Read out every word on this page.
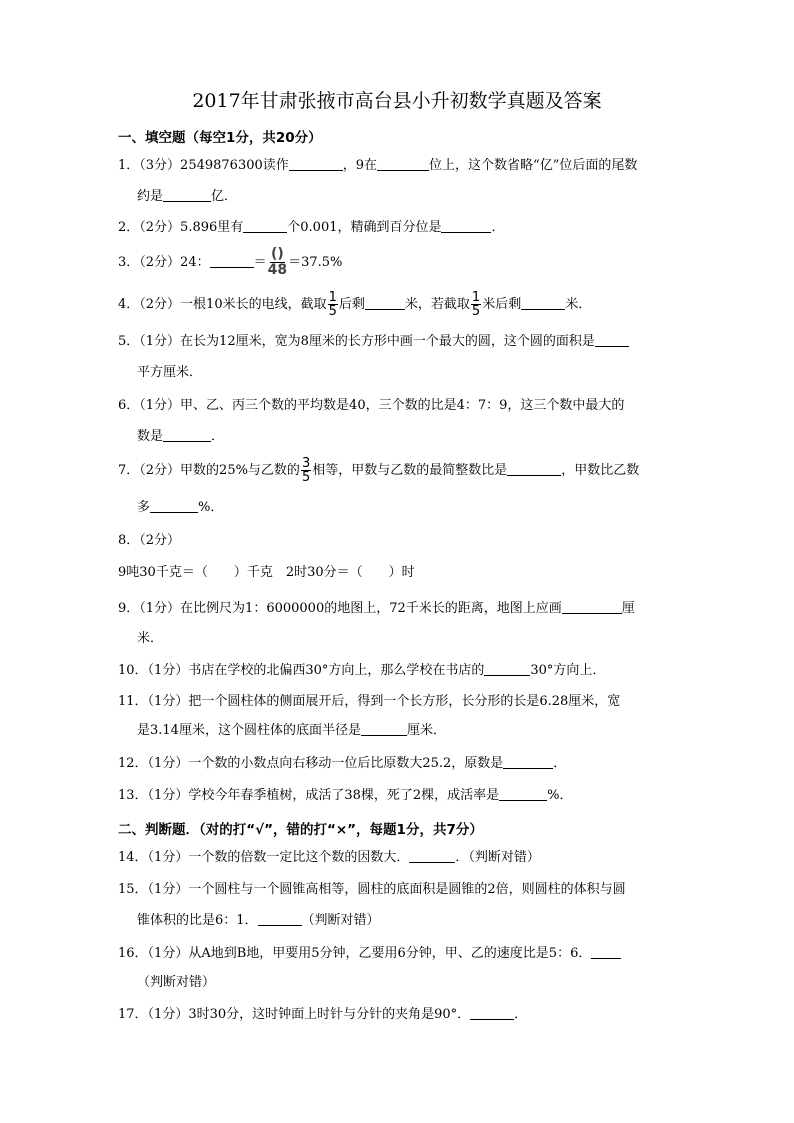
2017年甘肃张掖市高台县小升初数学真题及答案
一、填空题（每空1分，共20分）
1．（3分）2549876300读作	，9在	位上，这个数省略“亿”位后面的尾数
约是	亿．
2．（2分）5.896里有	个0.001，精确到百分位是	．
3．（2分）24：	＝ $\frac{()}{48} =37.5\%$
4．（2分）一根10米长的电线，截取 $\frac{1}{5}$ 后剩	米，若截取 $\frac{1}{5}$ 米后剩	米．
5．（1分）在长为12厘米，宽为8厘米的长方形中画一个最大的圆，这个圆的面积是
平方厘米．
6．（1分）甲、乙、丙三个数的平均数是40，三个数的比是4：7：9，这三个数中最大的
数是	．
7．（2分）甲数的25%与乙数的 $\frac{3}{5}$ 相等，甲数与乙数的最简整数比是	，甲数比乙数
多	%．
8．（2分）
9吨30千克＝（　　）千克　2时30分＝（　　）时
9．（1分）在比例尺为1：6000000的地图上，72千米长的距离，地图上应画	厘
米．
10．（1分）书店在学校的北偏西30°方向上，那么学校在书店的	30°方向上．
11．（1分）把一个圆柱体的侧面展开后，得到一个长方形，长分形的长是6.28厘米，宽
是3.14厘米，这个圆柱体的底面半径是	厘米．
12．（1分）一个数的小数点向右移动一位后比原数大25.2，原数是	．
13．（1分）学校今年春季植树，成活了38棵，死了2棵，成活率是	%．
二、判断题．（对的打“√”，错的打“×”，每题1分，共7分）
14．（1分）一个数的倍数一定比这个数的因数大．	．（判断对错）
15．（1分）一个圆柱与一个圆锥高相等，圆柱的底面积是圆锥的2倍，则圆柱的体积与圆
锥体积的比是6：1．	（判断对错）
16．（1分）从A地到B地，甲要用5分钟，乙要用6分钟，甲、乙的速度比是5：6．
（判断对错）
17．（1分）3时30分，这时钟面上时针与分针的夹角是90°．	．
